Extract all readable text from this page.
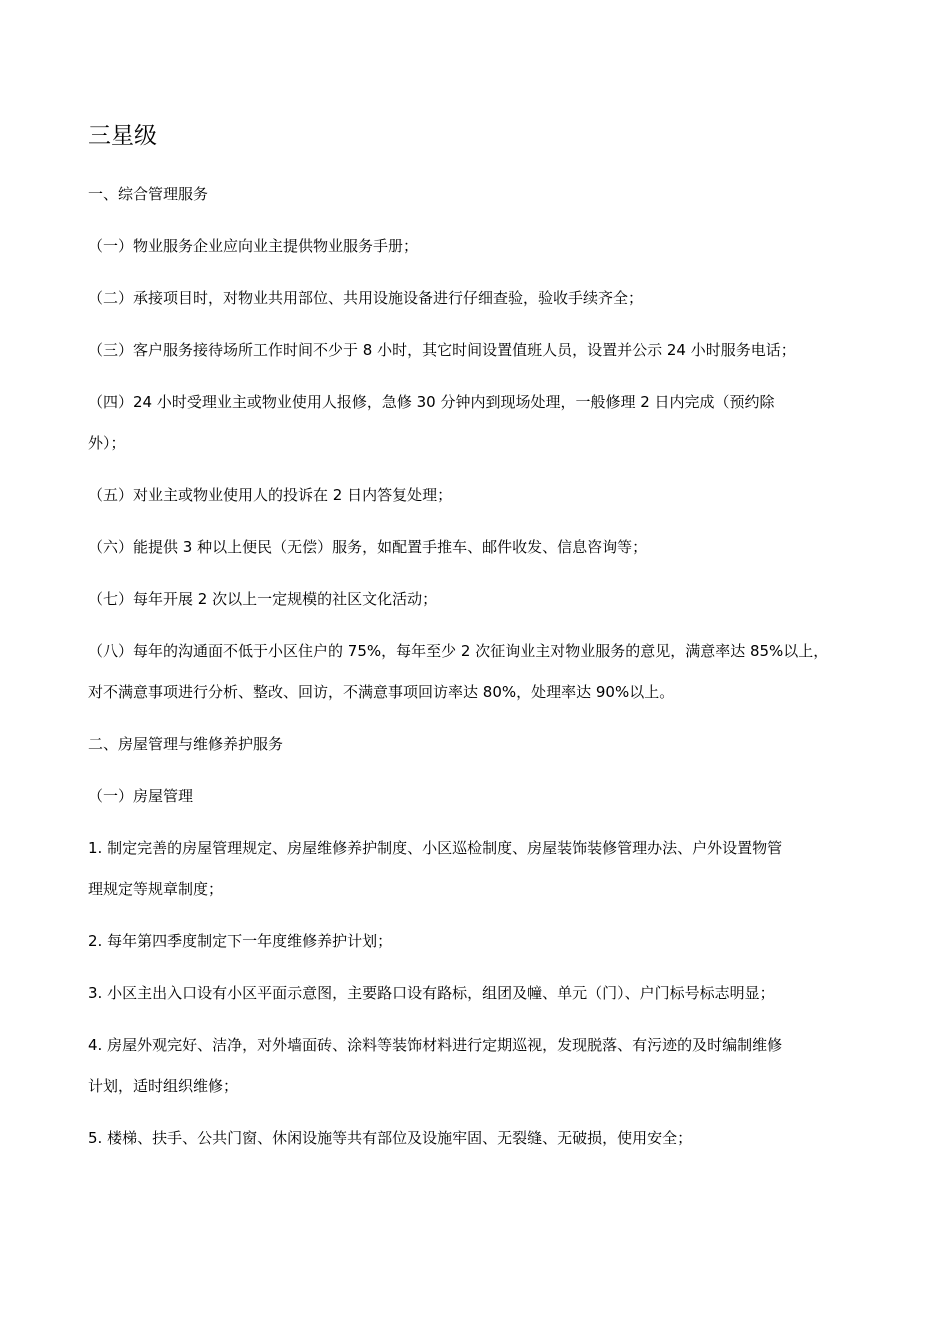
三星级
一、综合管理服务
（一）物业服务企业应向业主提供物业服务手册；
（二）承接项目时，对物业共用部位、共用设施设备进行仔细查验，验收手续齐全；
（三）客户服务接待场所工作时间不少于 8 小时，其它时间设置值班人员，设置并公示 24 小时服务电话；
（四）24 小时受理业主或物业使用人报修，急修 30 分钟内到现场处理，一般修理 2 日内完成（预约除
外）；
（五）对业主或物业使用人的投诉在 2 日内答复处理；
（六）能提供 3 种以上便民（无偿）服务，如配置手推车、邮件收发、信息咨询等；
（七）每年开展 2 次以上一定规模的社区文化活动；
（八）每年的沟通面不低于小区住户的 75%，每年至少 2 次征询业主对物业服务的意见，满意率达 85%以上，
对不满意事项进行分析、整改、回访，不满意事项回访率达 80%，处理率达 90%以上。
二、房屋管理与维修养护服务
（一）房屋管理
1. 制定完善的房屋管理规定、房屋维修养护制度、小区巡检制度、房屋装饰装修管理办法、户外设置物管
理规定等规章制度；
2. 每年第四季度制定下一年度维修养护计划；
3. 小区主出入口设有小区平面示意图，主要路口设有路标，组团及幢、单元（门）、户门标号标志明显；
4. 房屋外观完好、洁净，对外墙面砖、涂料等装饰材料进行定期巡视，发现脱落、有污迹的及时编制维修
计划，适时组织维修；
5. 楼梯、扶手、公共门窗、休闲设施等共有部位及设施牢固、无裂缝、无破损，使用安全；
